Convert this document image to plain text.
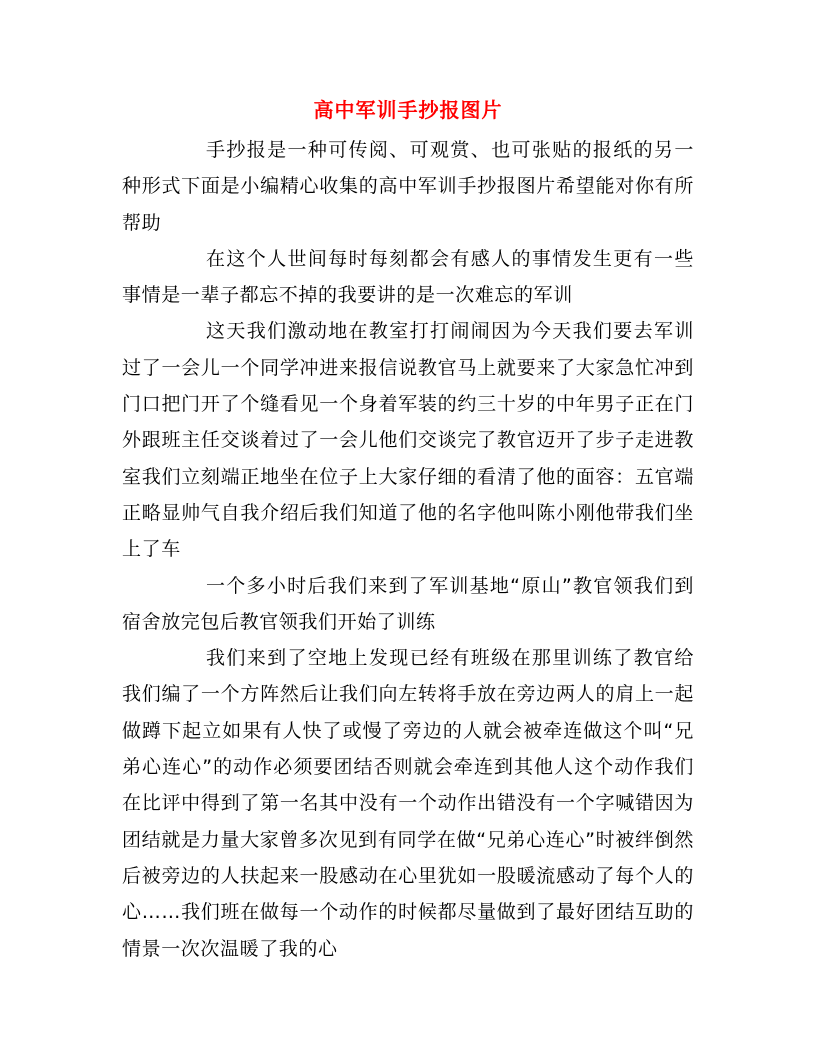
高中军训手抄报图片

手抄报是一种可传阅、可观赏、也可张贴的报纸的另一种形式下面是小编精心收集的高中军训手抄报图片希望能对你有所帮助

在这个人世间每时每刻都会有感人的事情发生更有一些事情是一辈子都忘不掉的我要讲的是一次难忘的军训

这天我们激动地在教室打打闹闹因为今天我们要去军训过了一会儿一个同学冲进来报信说教官马上就要来了大家急忙冲到门口把门开了个缝看见一个身着军装的约三十岁的中年男子正在门外跟班主任交谈着过了一会儿他们交谈完了教官迈开了步子走进教室我们立刻端正地坐在位子上大家仔细的看清了他的面容：五官端正略显帅气自我介绍后我们知道了他的名字他叫陈小刚他带我们坐上了车

一个多小时后我们来到了军训基地“原山”教官领我们到宿舍放完包后教官领我们开始了训练

我们来到了空地上发现已经有班级在那里训练了教官给我们编了一个方阵然后让我们向左转将手放在旁边两人的肩上一起做蹲下起立如果有人快了或慢了旁边的人就会被牵连做这个叫“兄弟心连心”的动作必须要团结否则就会牵连到其他人这个动作我们在比评中得到了第一名其中没有一个动作出错没有一个字喊错因为团结就是力量大家曾多次见到有同学在做“兄弟心连心”时被绊倒然后被旁边的人扶起来一股感动在心里犹如一股暖流感动了每个人的心……我们班在做每一个动作的时候都尽量做到了最好团结互助的情景一次次温暖了我的心
